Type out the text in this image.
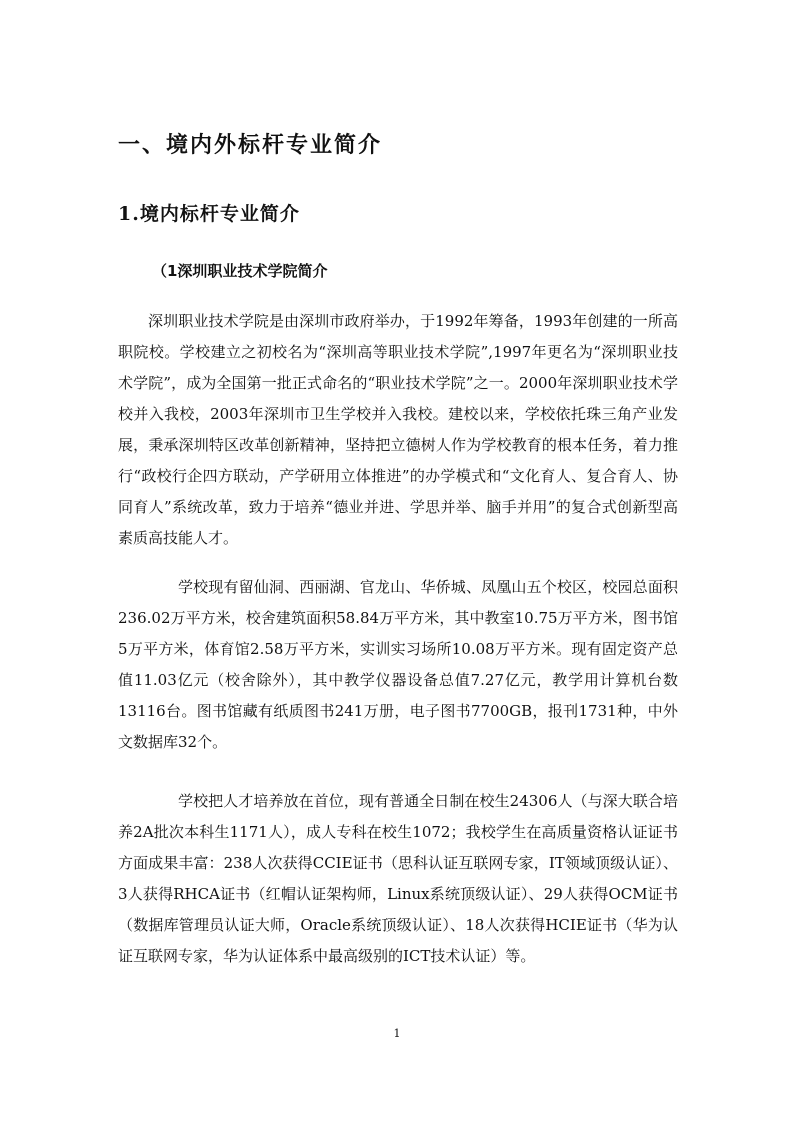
一、境内外标杆专业简介
1.境内标杆专业简介
（1深圳职业技术学院简介

深圳职业技术学院是由深圳市政府举办，于1992年筹备，1993年创建的一所高职院校。学校建立之初校名为“深圳高等职业技术学院”,1997年更名为“深圳职业技术学院”，成为全国第一批正式命名的“职业技术学院”之一。2000年深圳职业技术学校并入我校，2003年深圳市卫生学校并入我校。建校以来，学校依托珠三角产业发展，秉承深圳特区改革创新精神，坚持把立德树人作为学校教育的根本任务，着力推行“政校行企四方联动，产学研用立体推进”的办学模式和“文化育人、复合育人、协同育人”系统改革，致力于培养“德业并进、学思并举、脑手并用”的复合式创新型高素质高技能人才。

学校现有留仙洞、西丽湖、官龙山、华侨城、凤凰山五个校区，校园总面积236.02万平方米，校舍建筑面积58.84万平方米，其中教室10.75万平方米，图书馆5万平方米，体育馆2.58万平方米，实训实习场所10.08万平方米。现有固定资产总值11.03亿元（校舍除外），其中教学仪器设备总值7.27亿元，教学用计算机台数13116台。图书馆藏有纸质图书241万册，电子图书7700GB，报刊1731种，中外文数据库32个。

学校把人才培养放在首位，现有普通全日制在校生24306人（与深大联合培养2A批次本科生1171人），成人专科在校生1072；我校学生在高质量资格认证证书方面成果丰富：238人次获得CCIE证书（思科认证互联网专家，IT领域顶级认证）、3人获得RHCA证书（红帽认证架构师，Linux系统顶级认证）、29人获得OCM证书（数据库管理员认证大师，Oracle系统顶级认证）、18人次获得HCIE证书（华为认证互联网专家，华为认证体系中最高级别的ICT技术认证）等。

1
